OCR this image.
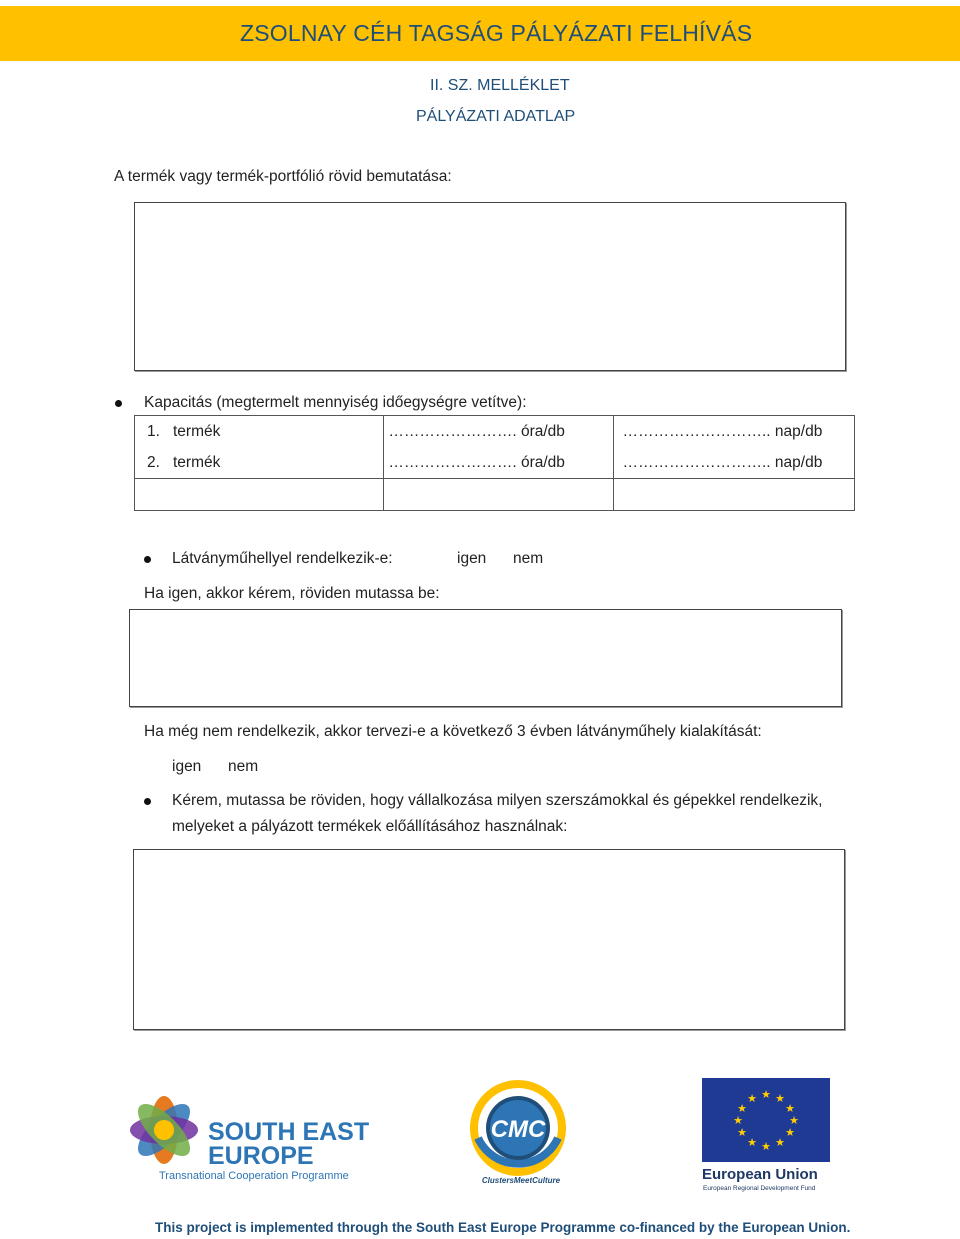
ZSOLNAY CÉH TAGSÁG PÁLYÁZATI FELHÍVÁS
II. SZ. MELLÉKLET
PÁLYÁZATI ADATLAP
A termék vagy termék-portfólió rövid bemutatása:
Kapacitás (megtermelt mennyiség időegységre vetítve):
1. termék	……………………. óra/db	……………………….. nap/db
2. termék	……………………. óra/db	……………………….. nap/db

Látványműhellyel rendelkezik-e:	igen nem
Ha igen, akkor kérem, röviden mutassa be:
Ha még nem rendelkezik, akkor tervezi-e a következő 3 évben látványműhely kialakítását:
igen nem
Kérem, mutassa be röviden, hogy vállalkozása milyen szerszámokkal és gépekkel rendelkezik,
melyeket a pályázott termékek előállításához használnak:
SOUTH EAST
EUROPE
Transnational Cooperation Programme
CMC
ClustersMeetCulture
★ ★
★
★
★
★
★
★
★
★
★
★
European Union
European Regional Development Fund
This project is implemented through the South East Europe Programme co-financed by the European Union.
